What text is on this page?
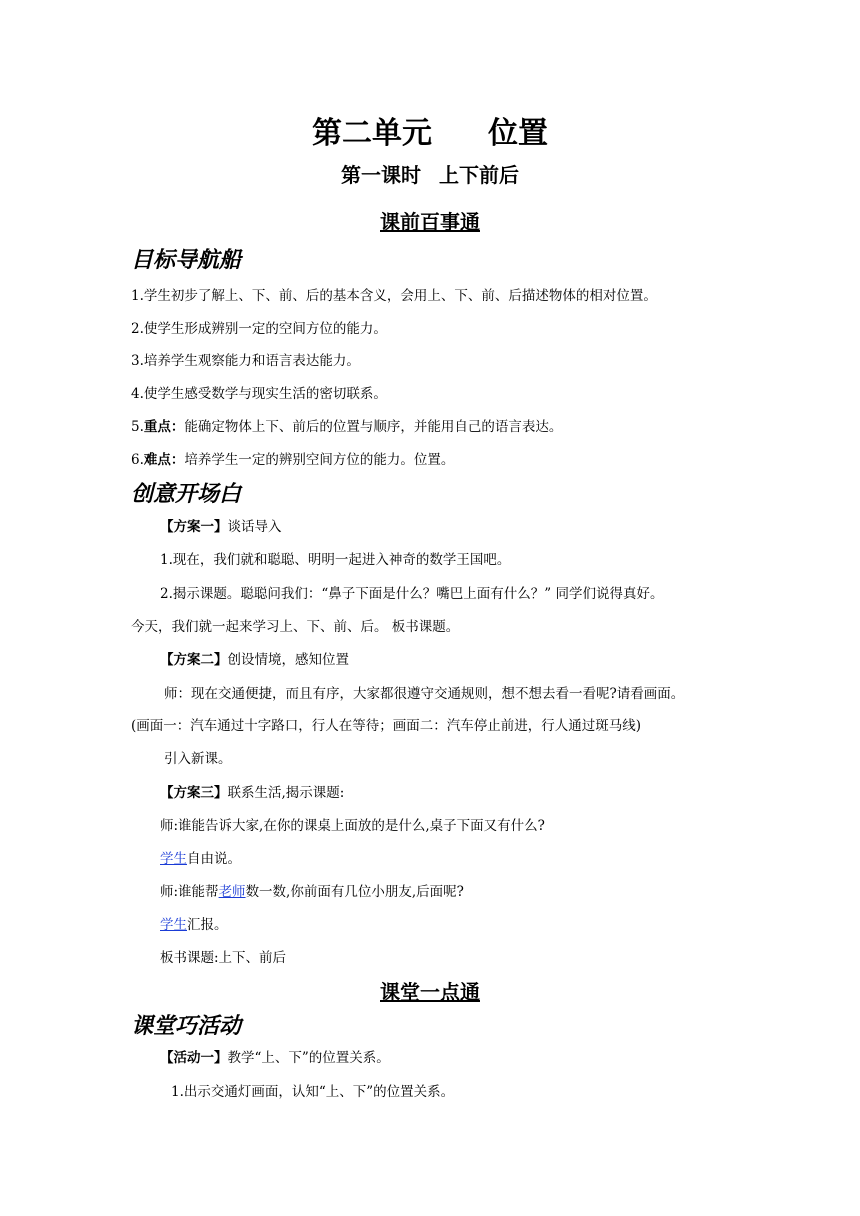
第二单元 位置
第一课时 上下前后
课前百事通
目标导航船
1.学生初步了解上、下、前、后的基本含义，会用上、下、前、后描述物体的相对位置。
2.使学生形成辨别一定的空间方位的能力。
3.培养学生观察能力和语言表达能力。
4.使学生感受数学与现实生活的密切联系。
5.重点：能确定物体上下、前后的位置与顺序，并能用自己的语言表达。
6.难点：培养学生一定的辨别空间方位的能力。位置。
创意开场白
【方案一】谈话导入
1.现在，我们就和聪聪、明明一起进入神奇的数学王国吧。
2.揭示课题。聪聪问我们：“鼻子下面是什么？嘴巴上面有什么？” 同学们说得真好。
今天，我们就一起来学习上、下、前、后。 板书课题。
【方案二】创设情境，感知位置
师：现在交通便捷，而且有序，大家都很遵守交通规则，想不想去看一看呢?请看画面。
(画面一：汽车通过十字路口，行人在等待；画面二：汽车停止前进，行人通过斑马线)
引入新课。
【方案三】联系生活,揭示课题:
师:谁能告诉大家,在你的课桌上面放的是什么,桌子下面又有什么?
学生自由说。
师:谁能帮老师数一数,你前面有几位小朋友,后面呢?
学生汇报。
板书课题:上下、前后
课堂一点通
课堂巧活动
【活动一】教学“上、下”的位置关系。
1.出示交通灯画面，认知“上、下”的位置关系。
